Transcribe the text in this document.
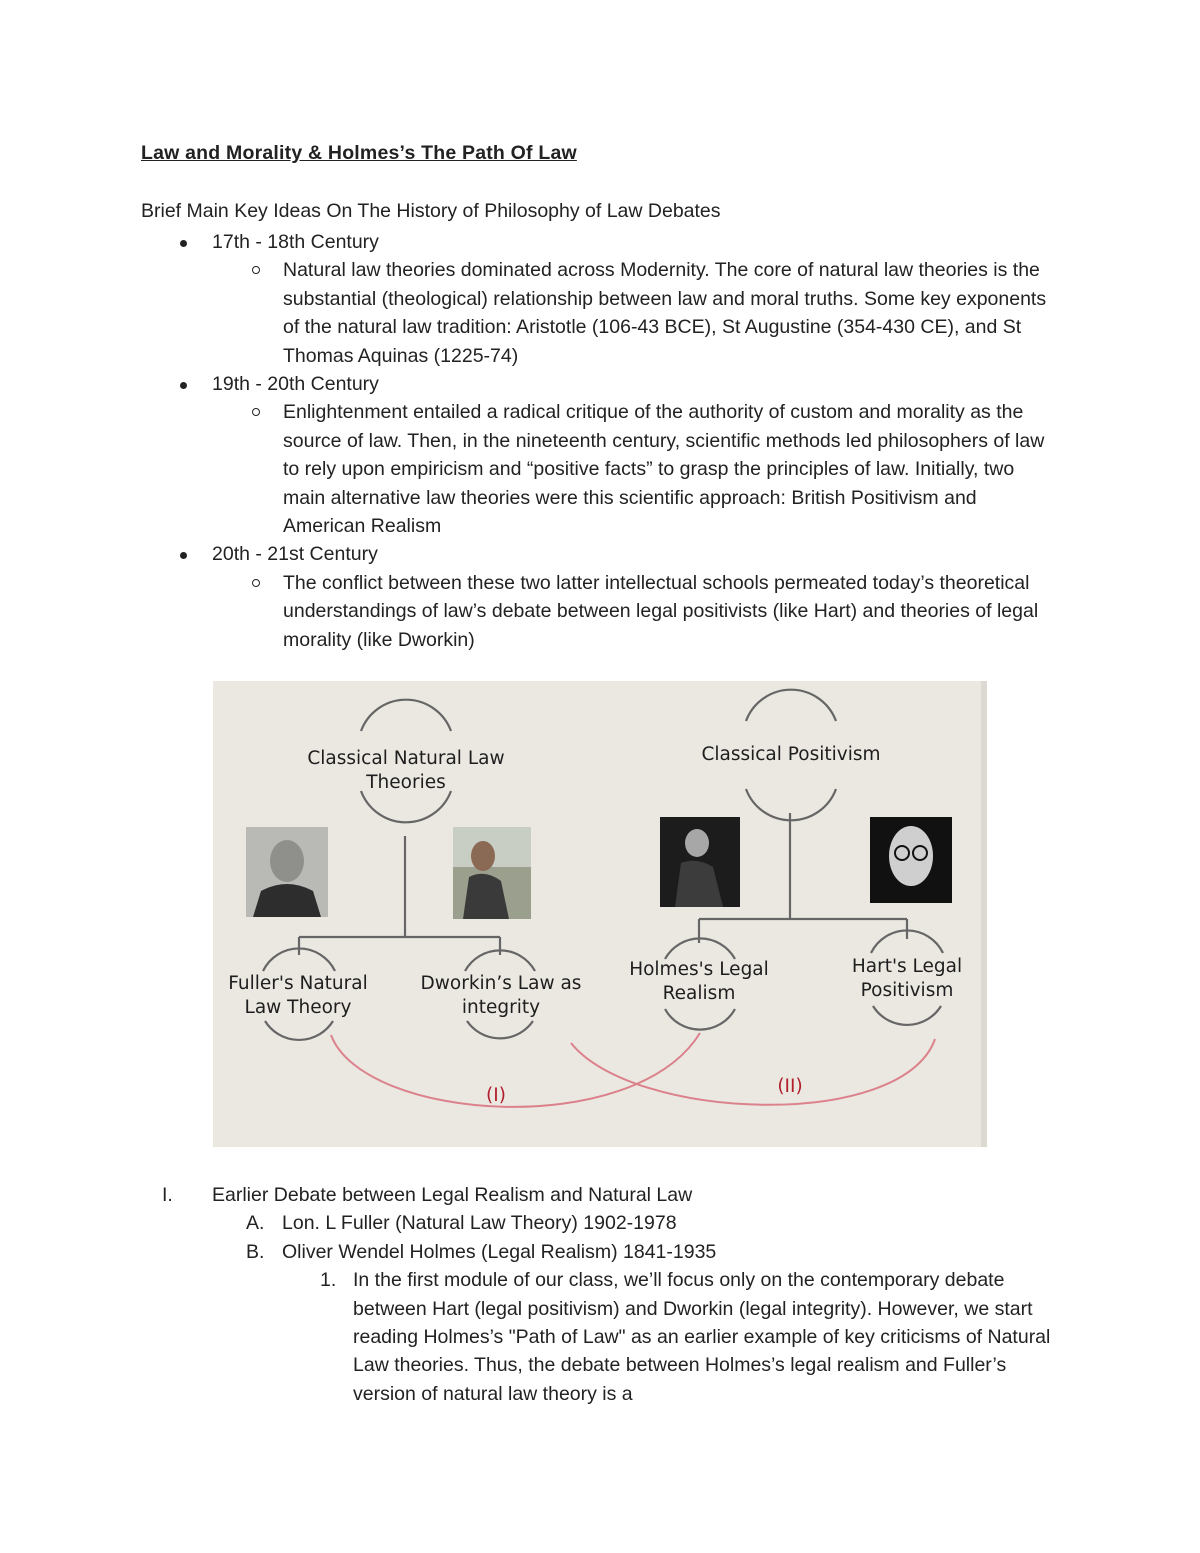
Law and Morality & Holmes’s The Path Of Law
Brief Main Key Ideas On The History of Philosophy of Law Debates
17th - 18th Century
Natural law theories dominated across Modernity. The core of natural law theories is the substantial (theological) relationship between law and moral truths. Some key exponents of the natural law tradition: Aristotle (106-43 BCE), St Augustine (354-430 CE), and St Thomas Aquinas (1225-74)
19th - 20th Century
Enlightenment entailed a radical critique of the authority of custom and morality as the source of law. Then, in the nineteenth century, scientific methods led philosophers of law to rely upon empiricism and “positive facts” to grasp the principles of law. Initially, two main alternative law theories were this scientific approach: British Positivism and American Realism
20th - 21st Century
The conflict between these two latter intellectual schools permeated today’s theoretical understandings of law’s debate between legal positivists (like Hart) and theories of legal morality (like Dworkin)
Classical Natural Law Theories
Classical Positivism
Fuller's Natural Law Theory
Dworkin’s Law as integrity
Holmes's Legal Realism
Hart's Legal Positivism
(I)	(II)
I. Earlier Debate between Legal Realism and Natural Law
A. Lon. L Fuller (Natural Law Theory) 1902-1978
B. Oliver Wendel Holmes (Legal Realism) 1841-1935
1. In the first module of our class, we’ll focus only on the contemporary debate between Hart (legal positivism) and Dworkin (legal integrity). However, we start reading Holmes’s "Path of Law" as an earlier example of key criticisms of Natural Law theories. Thus, the debate between Holmes’s legal realism and Fuller’s version of natural law theory is a
